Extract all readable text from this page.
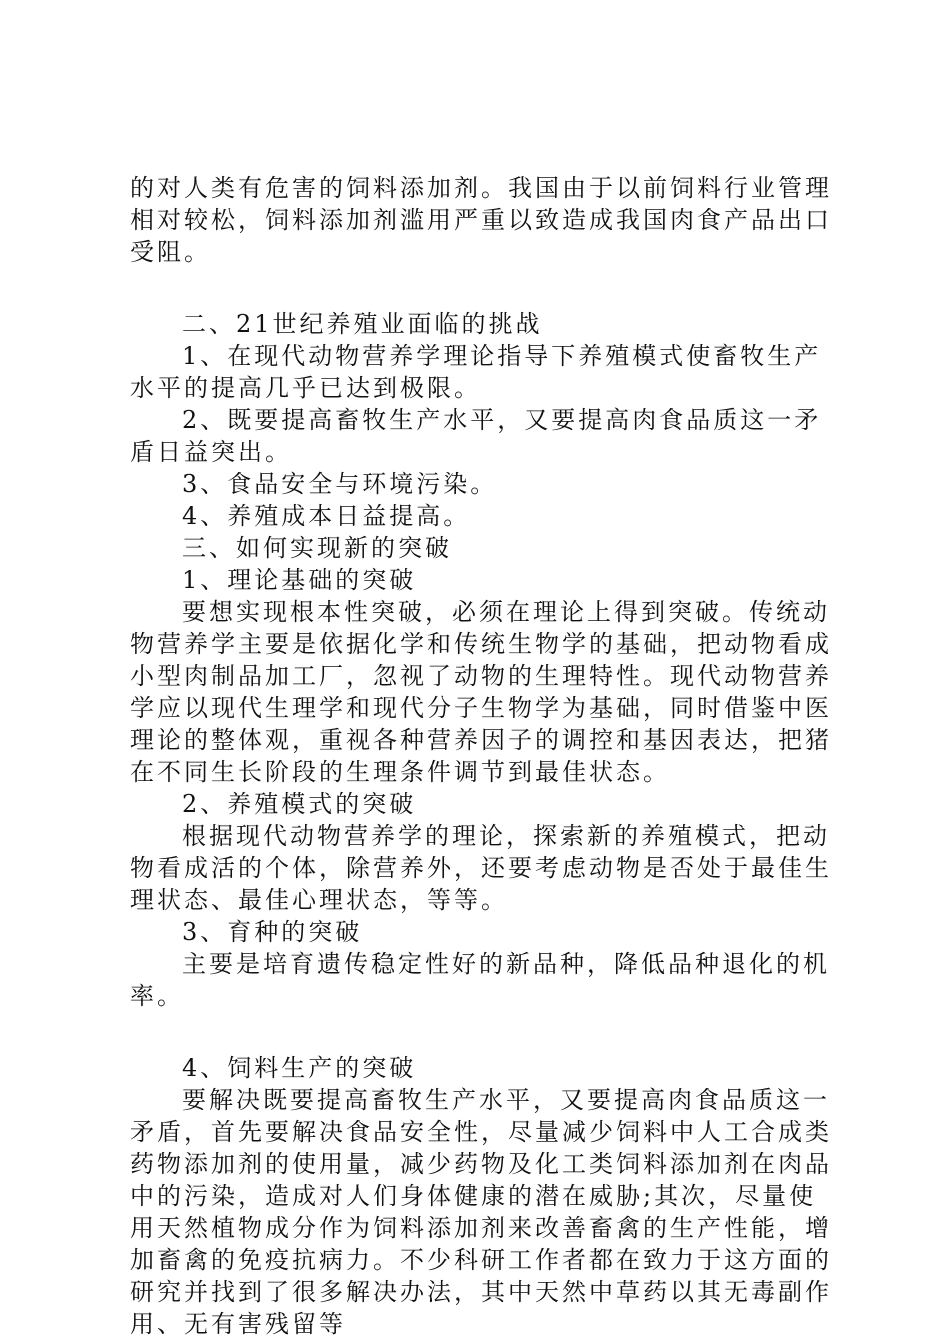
的对人类有危害的饲料添加剂。我国由于以前饲料行业管理相对较松，饲料添加剂滥用严重以致造成我国肉食产品出口受阻。

二、21世纪养殖业面临的挑战

1、在现代动物营养学理论指导下养殖模式使畜牧生产水平的提高几乎已达到极限。

2、既要提高畜牧生产水平，又要提高肉食品质这一矛盾日益突出。

3、食品安全与环境污染。

4、养殖成本日益提高。

三、如何实现新的突破

1、理论基础的突破

要想实现根本性突破，必须在理论上得到突破。传统动物营养学主要是依据化学和传统生物学的基础，把动物看成小型肉制品加工厂，忽视了动物的生理特性。现代动物营养学应以现代生理学和现代分子生物学为基础，同时借鉴中医理论的整体观，重视各种营养因子的调控和基因表达，把猪在不同生长阶段的生理条件调节到最佳状态。

2、养殖模式的突破

根据现代动物营养学的理论，探索新的养殖模式，把动物看成活的个体，除营养外，还要考虑动物是否处于最佳生理状态、最佳心理状态，等等。

3、育种的突破

主要是培育遗传稳定性好的新品种，降低品种退化的机率。

4、饲料生产的突破

要解决既要提高畜牧生产水平，又要提高肉食品质这一矛盾，首先要解决食品安全性，尽量减少饲料中人工合成类药物添加剂的使用量，减少药物及化工类饲料添加剂在肉品中的污染，造成对人们身体健康的潜在威胁;其次，尽量使用天然植物成分作为饲料添加剂来改善畜禽的生产性能，增加畜禽的免疫抗病力。不少科研工作者都在致力于这方面的研究并找到了很多解决办法，其中天然中草药以其无毒副作用、无有害残留等
